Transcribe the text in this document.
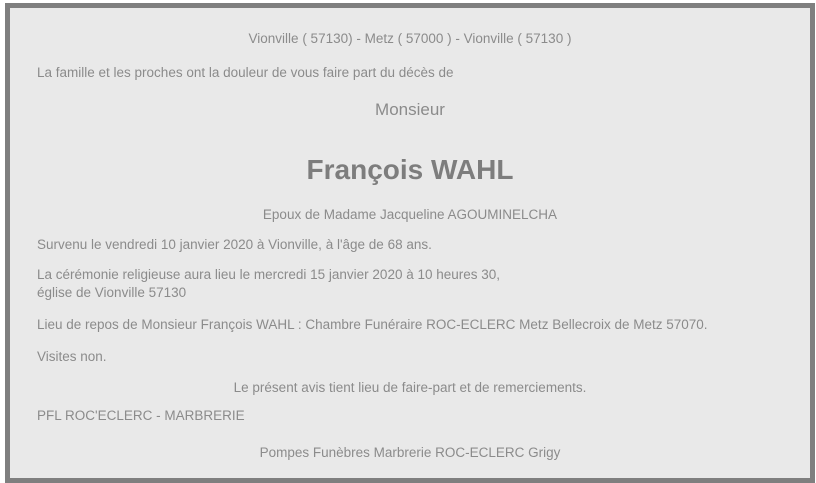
Vionville ( 57130) - Metz ( 57000 ) - Vionville ( 57130 )

La famille et les proches ont la douleur de vous faire part du décès de

Monsieur

François WAHL

Epoux de Madame Jacqueline AGOUMINELCHA

Survenu le vendredi 10 janvier 2020 à Vionville, à l'âge de 68 ans.

La cérémonie religieuse aura lieu le mercredi 15 janvier 2020 à 10 heures 30,
église de Vionville 57130

Lieu de repos de Monsieur François WAHL : Chambre Funéraire ROC-ECLERC Metz Bellecroix de Metz 57070.

Visites non.

Le présent avis tient lieu de faire-part et de remerciements.

PFL ROC'ECLERC - MARBRERIE

Pompes Funèbres Marbrerie ROC-ECLERC Grigy
